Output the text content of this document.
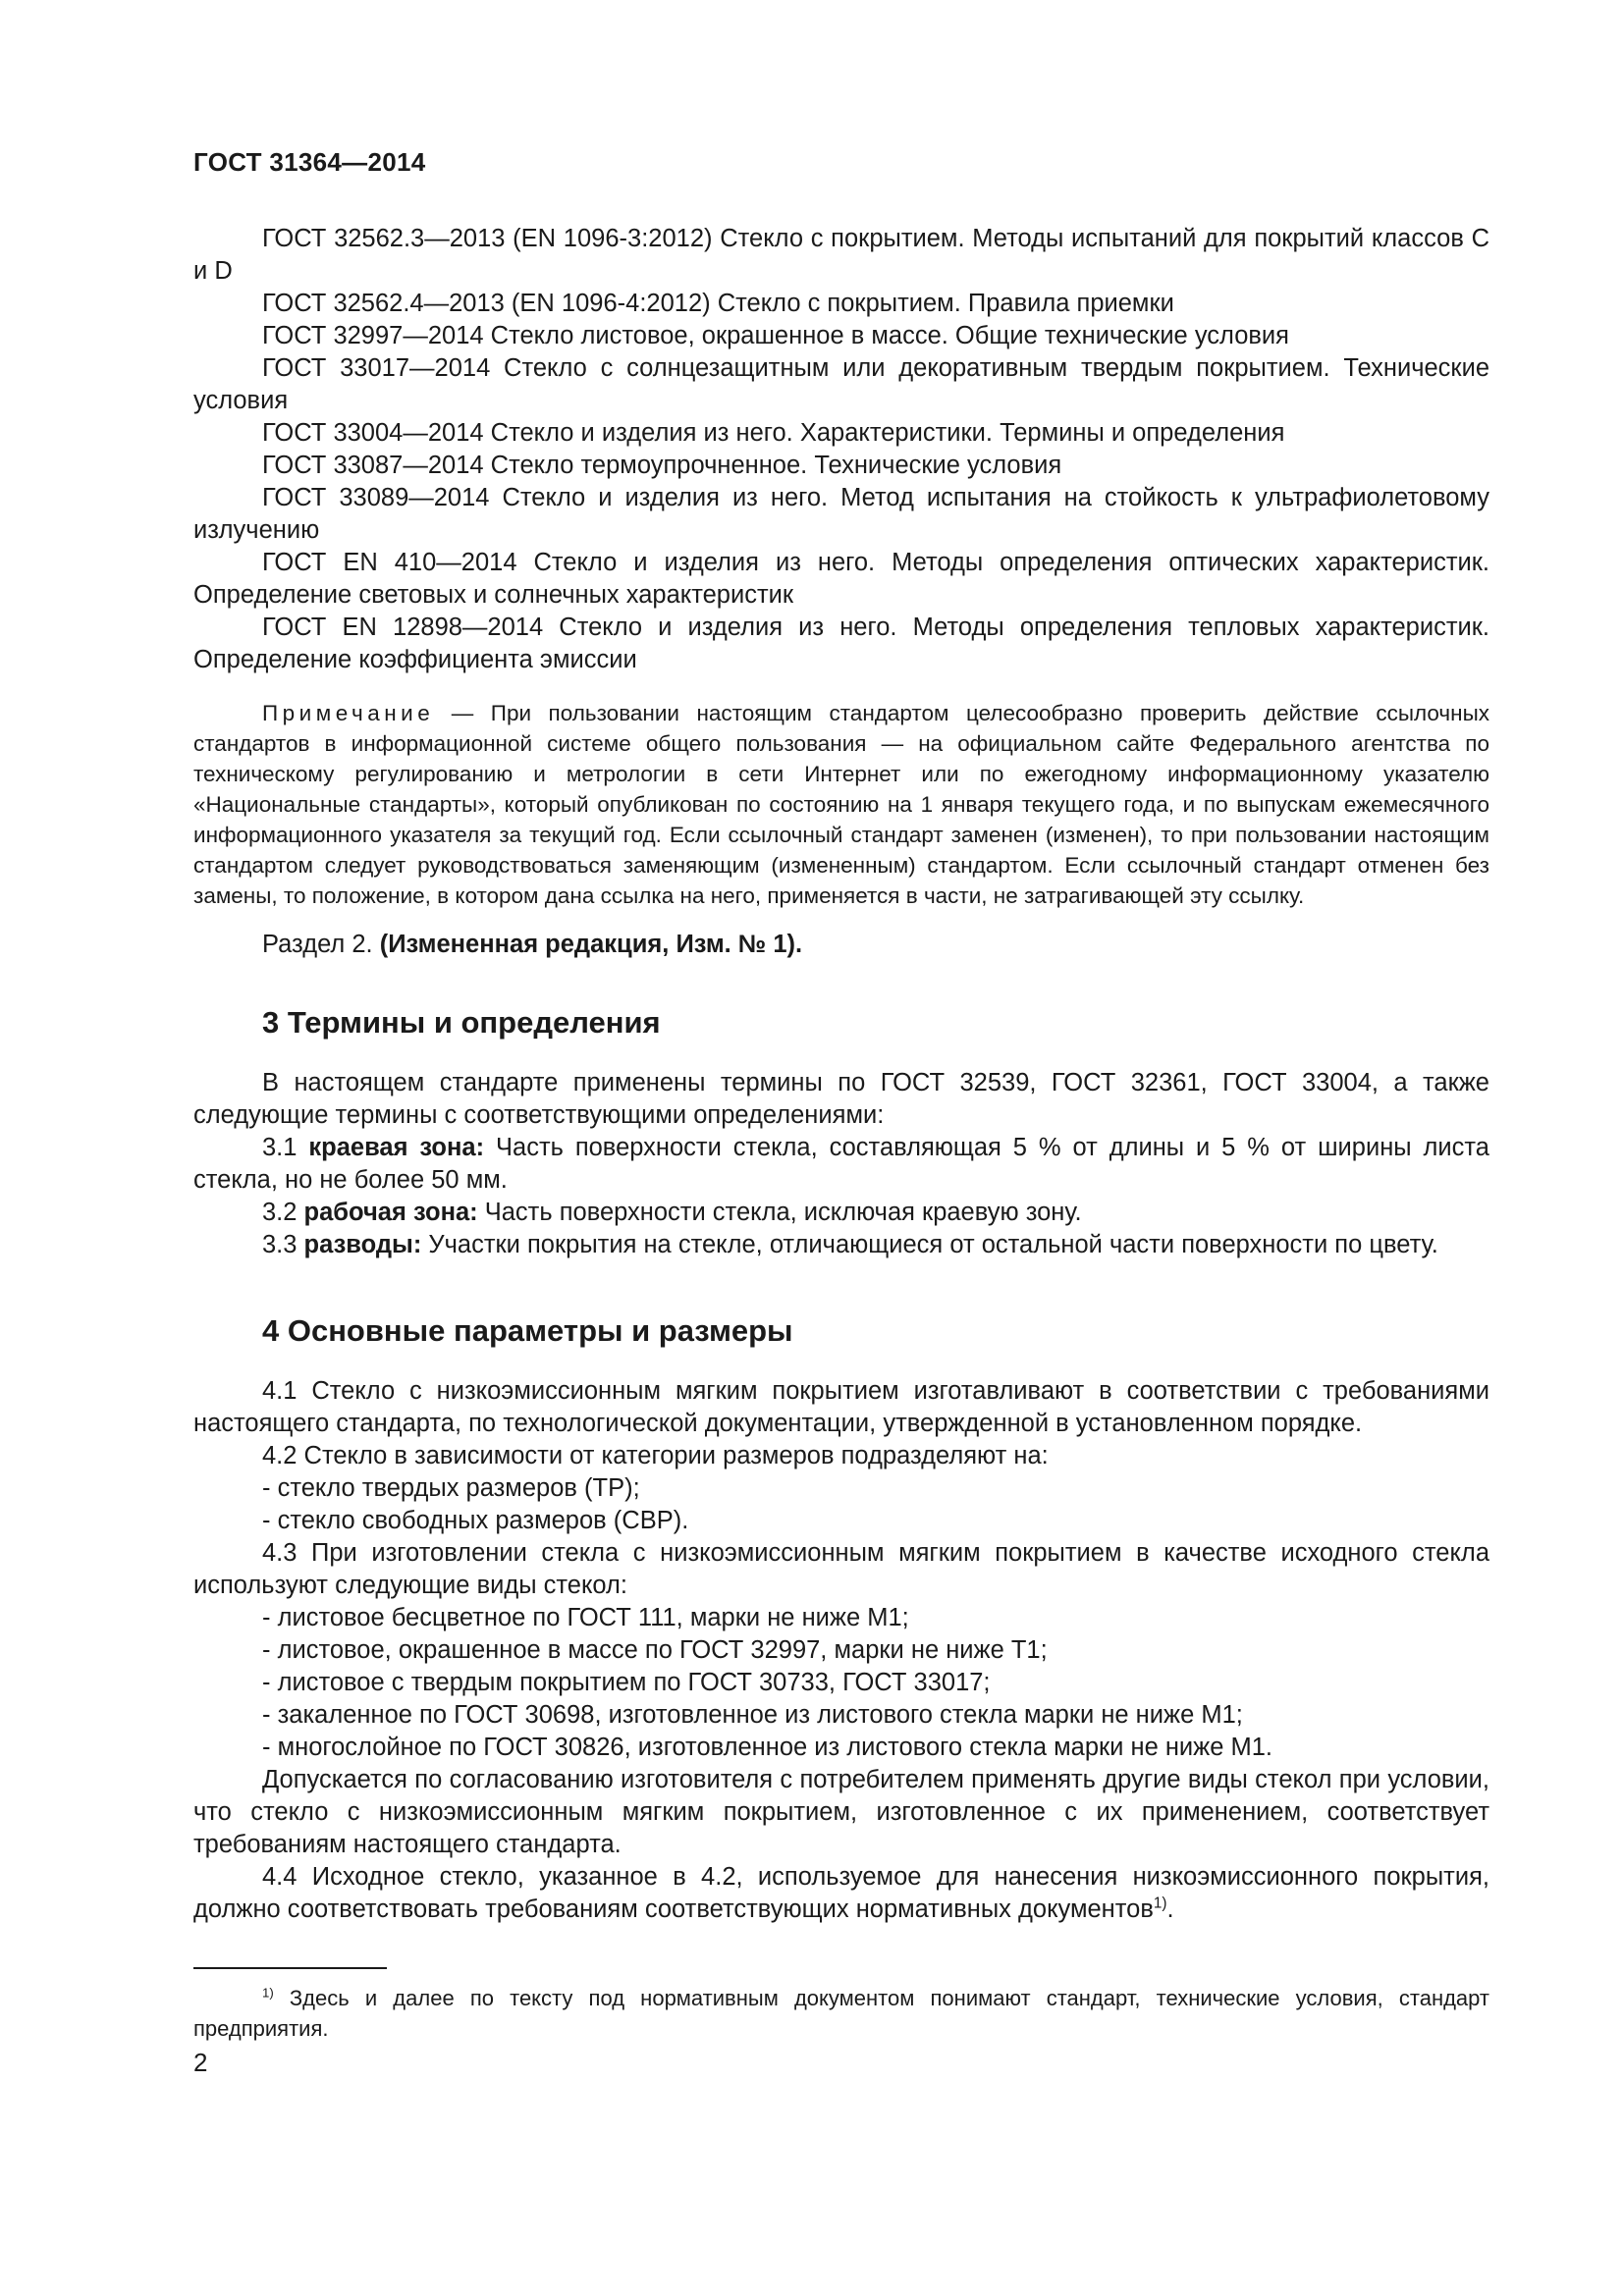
ГОСТ 31364—2014

ГОСТ 32562.3—2013 (EN 1096-3:2012) Стекло с покрытием. Методы испытаний для покрытий классов C и D

ГОСТ 32562.4—2013 (EN 1096-4:2012) Стекло с покрытием. Правила приемки

ГОСТ 32997—2014 Стекло листовое, окрашенное в массе. Общие технические условия

ГОСТ 33017—2014 Стекло с солнцезащитным или декоративным твердым покрытием. Технические условия

ГОСТ 33004—2014 Стекло и изделия из него. Характеристики. Термины и определения

ГОСТ 33087—2014 Стекло термоупрочненное. Технические условия

ГОСТ 33089—2014 Стекло и изделия из него. Метод испытания на стойкость к ультрафиолетовому излучению

ГОСТ EN 410—2014 Стекло и изделия из него. Методы определения оптических характеристик. Определение световых и солнечных характеристик

ГОСТ EN 12898—2014 Стекло и изделия из него. Методы определения тепловых характеристик. Определение коэффициента эмиссии

Примечание — При пользовании настоящим стандартом целесообразно проверить действие ссылочных стандартов в информационной системе общего пользования — на официальном сайте Федерального агентства по техническому регулированию и метрологии в сети Интернет или по ежегодному информационному указателю «Национальные стандарты», который опубликован по состоянию на 1 января текущего года, и по выпускам ежемесячного информационного указателя за текущий год. Если ссылочный стандарт заменен (изменен), то при пользовании настоящим стандартом следует руководствоваться заменяющим (измененным) стандартом. Если ссылочный стандарт отменен без замены, то положение, в котором дана ссылка на него, применяется в части, не затрагивающей эту ссылку.

Раздел 2. (Измененная редакция, Изм. № 1).

3 Термины и определения

В настоящем стандарте применены термины по ГОСТ 32539, ГОСТ 32361, ГОСТ 33004, а также следующие термины с соответствующими определениями:

3.1 краевая зона: Часть поверхности стекла, составляющая 5 % от длины и 5 % от ширины листа стекла, но не более 50 мм.

3.2 рабочая зона: Часть поверхности стекла, исключая краевую зону.

3.3 разводы: Участки покрытия на стекле, отличающиеся от остальной части поверхности по цвету.

4 Основные параметры и размеры

4.1 Стекло с низкоэмиссионным мягким покрытием изготавливают в соответствии с требованиями настоящего стандарта, по технологической документации, утвержденной в установленном порядке.

4.2 Стекло в зависимости от категории размеров подразделяют на:

- стекло твердых размеров (ТР);

- стекло свободных размеров (СВР).

4.3 При изготовлении стекла с низкоэмиссионным мягким покрытием в качестве исходного стекла используют следующие виды стекол:

- листовое бесцветное по ГОСТ 111, марки не ниже М1;

- листовое, окрашенное в массе по ГОСТ 32997, марки не ниже Т1;

- листовое с твердым покрытием по ГОСТ 30733, ГОСТ 33017;

- закаленное по ГОСТ 30698, изготовленное из листового стекла марки не ниже М1;

- многослойное по ГОСТ 30826, изготовленное из листового стекла марки не ниже М1.

Допускается по согласованию изготовителя с потребителем применять другие виды стекол при условии, что стекло с низкоэмиссионным мягким покрытием, изготовленное с их применением, соответствует требованиям настоящего стандарта.

4.4 Исходное стекло, указанное в 4.2, используемое для нанесения низкоэмиссионного покрытия, должно соответствовать требованиям соответствующих нормативных документов$^{1)}$.

$^{1)}$ Здесь и далее по тексту под нормативным документом понимают стандарт, технические условия, стандарт предприятия.

2
